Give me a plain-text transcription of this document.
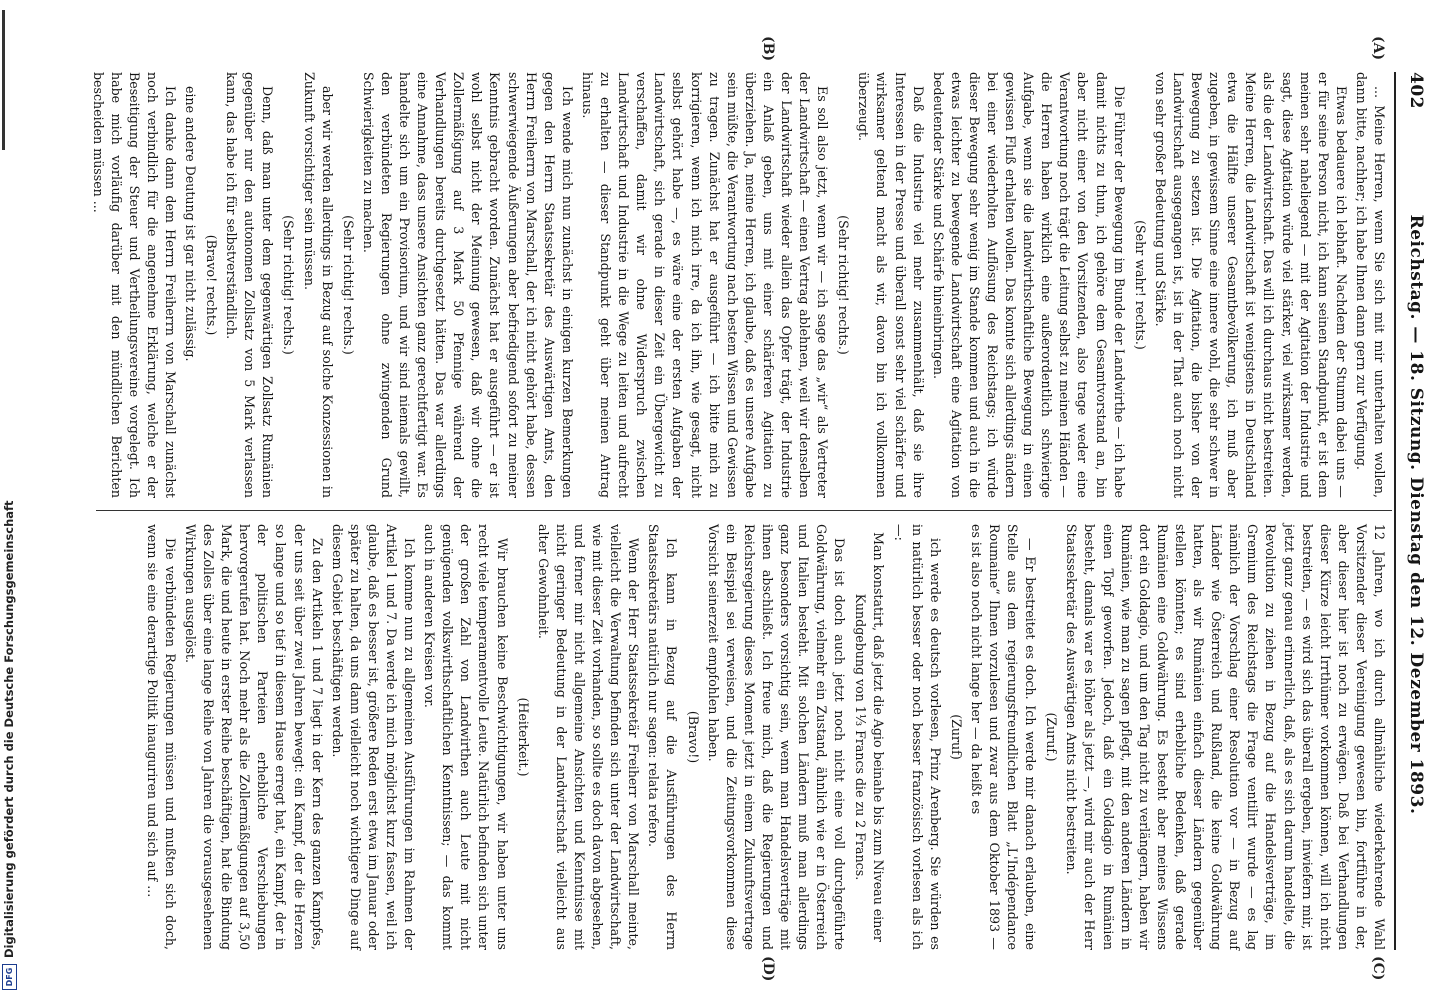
402
Reichstag. — 18. Sitzung. Dienstag den 12. Dezember 1893.

... Meine Herren, wenn Sie sich mit mir unterhalten wollen, dann bitte, nachher; ich habe Ihnen dann gern zur Verfügung.

Etwas bedauere ich lebhaft. Nachdem der Stumm dabei uns — er für seine Person nicht, ich kann seinen Standpunkt, er ist dem meinen sehr naheliegend — mit der Agitation der Industrie und sagt, diese Agitation würde viel stärker, viel wirksamer werden, als die der Landwirtschaft. Das will ich durchaus nicht bestreiten. Meine Herren, die Landwirtschaft ist wenigstens in Deutschland etwa die Hälfte unserer Gesamtbevölkerung, ich muß aber zugeben, in gewissem Sinne eine innere wohl, die sehr schwer in Bewegung zu setzen ist. Die Agitation, die bisher von der Landwirtschaft ausgegangen ist, ist in der That auch noch nicht von sehr großer Bedeutung und Stärke.

(Sehr wahr! rechts.)

Die Führer der Bewegung im Bunde der Landwirthe — ich habe damit nichts zu thun, ich gehöre dem Gesamtvorstand an, bin aber nicht einer von den Vorsitzenden, also trage weder eine Verantwortung noch trägt die Leitung selbst zu meinen Händen — die Herren haben wirklich eine außerordentlich schwierige Aufgabe, wenn sie die landwirthschaftliche Bewegung in einen gewissen Fluß erhalten wollen. Das konnte sich allerdings ändern bei einer wiederholten Auflösung des Reichstags; ich würde dieser Bewegung sehr wenig im Stande kommen und auch in die etwas leichter zu bewegende Landwirtschaft eine Agitation von bedeutender Stärke und Schärfe hineinbringen.

Daß die Industrie viel mehr zusammenhält, daß sie ihre Interessen in der Presse und überall sonst sehr viel schärfer und wirksamer geltend macht als wir, davon bin ich vollkommen überzeugt.

(Sehr richtig! rechts.)

Es soll also jetzt, wenn wir — ich sage das „wir“ als Vertreter der Landwirtschaft — einen Vertrag ablehnen, weil wir denselben der Landwirtschaft wieder allein das Opfer trägt, der Industrie ein Anlaß geben, uns mit einer schärferen Agitation zu überziehen. Ja, meine Herren, ich glaube, daß es unsere Aufgabe sein müßte, die Verantwortung nach bestem Wissen und Gewissen zu tragen. Zunächst hat er ausgeführt — ich bitte mich zu korrigieren, wenn ich mich irre, da ich ihn, wie gesagt, nicht selbst gehört habe —, es wäre eine der ersten Aufgaben der Landwirtschaft, sich gerade in dieser Zeit ein Übergewicht zu verschaffen, damit wir ohne Widerspruch zwischen Landwirtschaft und Industrie in die Wege zu leiten und aufrecht zu erhalten — dieser Standpunkt geht über meinen Antrag hinaus.

Ich wende mich nun zunächst in einigen kurzen Bemerkungen gegen den Herrn Staatssekretär des Auswärtigen Amts, den Herrn Freiherrn von Marschall, der ich nicht gehört habe, dessen schwerwiegende Äußerungen aber befriedigend sofort zu meiner Kenntnis gebracht worden. Zunächst hat er ausgeführt — er ist wohl selbst nicht der Meinung gewesen, daß wir ohne die Zollermäßigung auf 3 Mark 50 Pfennige während der Verhandlungen bereits durchgesetzt hätten. Das war allerdings eine Annahme, dass unsere Ansichten ganz gerechtfertigt war. Es handelte sich um ein Provisorium, und wir sind niemals gewillt, den verbündeten Regierungen ohne zwingenden Grund Schwierigkeiten zu machen.

(Sehr richtig! rechts.)

aber wir werden allerdings in Bezug auf solche Konzessionen in Zukunft vorsichtiger sein müssen.

(Sehr richtig! rechts.)

Denn, daß man unter dem gegenwärtigen Zollsatz Rumänien gegenüber nur den autonomen Zollsatz von 5 Mark verlassen kann, das habe ich für selbstverständlich.

(Bravo! rechts.)

eine andere Deutung ist gar nicht zulässig.

Ich danke dann dem Herrn Freiherrn von Marschall zunächst noch verbindlich für die angenehme Erklärung, welche er der Beseitigung der Steuer und Vertheilungsvereine vorgelegt. Ich habe mich vorläufig darüber mit den mündlichen Berichten bescheiden müssen ...

12 Jahren, wo ich durch allmähliche wiederkehrende Wahl Vorsitzender dieser Vereinigung gewesen bin, fortführe in der, aber dieser hier ist noch zu erwägen. Daß bei Verhandlungen dieser Kürze leicht Irrthümer vorkommen können, will ich nicht bestreiten, — es wird sich das überall ergeben, inwiefern mir, ist jetzt ganz genau erinnerlich, daß, als es sich darum handelte, die Revolution zu ziehen in Bezug auf die Handelsverträge, im Gremium des Reichstags die Frage ventilirt wurde — es lag nämlich der Vorschlag einer Resolution vor — in Bezug auf Länder wie Österreich und Rußland, die keine Goldwährung hatten, als wir Rumänien einfach dieser Ländern gegenüber stellen könnten; es sind erhebliche Bedenken, daß gerade Rumänien eine Goldwährung. Es besteht aber meines Wissens dort ein Goldagio, und um den Tag nicht zu verlängern, haben wir Rumänien, wie man zu sagen pflegt, mit den anderen Ländern in einen Topf geworfen. Jedoch, daß ein Goldagio in Rumänien besteht, damals war es höher als jetzt —, wird mir auch der Herr Staatssekretär des Auswärtigen Amts nicht bestreiten.

(Zuruf.)

— Er bestreitet es doch. Ich werde mir danach erlauben, eine Stelle aus dem regierungsfreundlichen Blatt „L'Indépendance Roumaine“ Ihnen vorzulesen und zwar aus dem Oktober 1893 — es ist also noch nicht lange her — da heißt es

(Zuruf)

ich werde es deutsch vorlesen, Prinz Arenberg. Sie würden es in natürlich besser oder noch besser französisch vorlesen als ich —:

Man konstatirt, daß jetzt die Agio beinahe bis zum Niveau einer Kundgebung von 1⅓ Francs die zu 2 Francs.

Das ist doch auch jetzt noch nicht eine voll durchgeführte Goldwährung, vielmehr ein Zustand, ähnlich wie er in Österreich und Italien besteht. Mit solchen Ländern muß man allerdings ganz besonders vorsichtig sein, wenn man Handelsverträge mit ihnen abschließt. Ich freue mich, daß die Regierungen und Reichsregierung dieses Moment jetzt in einem Zukunftsvertrage ein Beispiel sei verweisen, und die Zeitungsvorkommen diese Vorsicht seinerzeit empfohlen haben.

(Bravo!)

Ich kann in Bezug auf die Ausführungen des Herrn Staatssekretärs natürlich nur sagen: relata refero.

Wenn der Herr Staatssekretär Freiherr von Marschall meinte, vielleicht die Verwaltung befinden sich unter der Landwirtschaft, wie mit dieser Zeit vorhanden, so sollte es doch davon abgesehen, und ferner mir nicht allgemeine Ansichten und Kenntnisse mit nicht geringer Bedeutung in der Landwirtschaft vielleicht aus alter Gewohnheit.

(Heiterkeit.)

Wir brauchen keine Beschwichtigungen, wir haben unter uns recht viele temperamentvolle Leute. Natürlich befinden sich unter der großen Zahl von Landwirthen auch Leute mit nicht genügenden volkswirthschaftlichen Kenntnissen; — das kommt auch in anderen Kreisen vor.

Ich komme nun zu allgemeinen Ausführungen im Rahmen der Artikel 1 und 7. Da werde ich mich möglichst kurz fassen, weil ich glaube, daß es besser ist, größere Reden erst etwa im Januar oder später zu halten, da uns dann vielleicht noch wichtigere Dinge auf diesem Gebiet beschäftigen werden.

Zu den Artikeln 1 und 7 liegt in der Kern des ganzen Kampfes, der uns seit über zwei Jahren bewegt: ein Kampf, der die Herzen so lange und so tief in diesem Hause erregt hat, ein Kampf, der in der politischen Parteien erhebliche Verschiebungen hervorgerufen hat. Noch mehr als die Zollermäßigungen auf 3,50 Mark, die und heute in erster Reihe beschäftigen, hat die Bindung des Zolles über eine lange Reihe von Jahren die vorausgesehenen Wirkungen ausgelöst.

Die verbündeten Regierungen müssen und mußten sich doch, wenn sie eine derartige Politik inauguriren und sich auf ...

(A)
(B)
(C)
(D)
DFG
Digitalisierung gefördert durch die Deutsche Forschungsgemeinschaft
